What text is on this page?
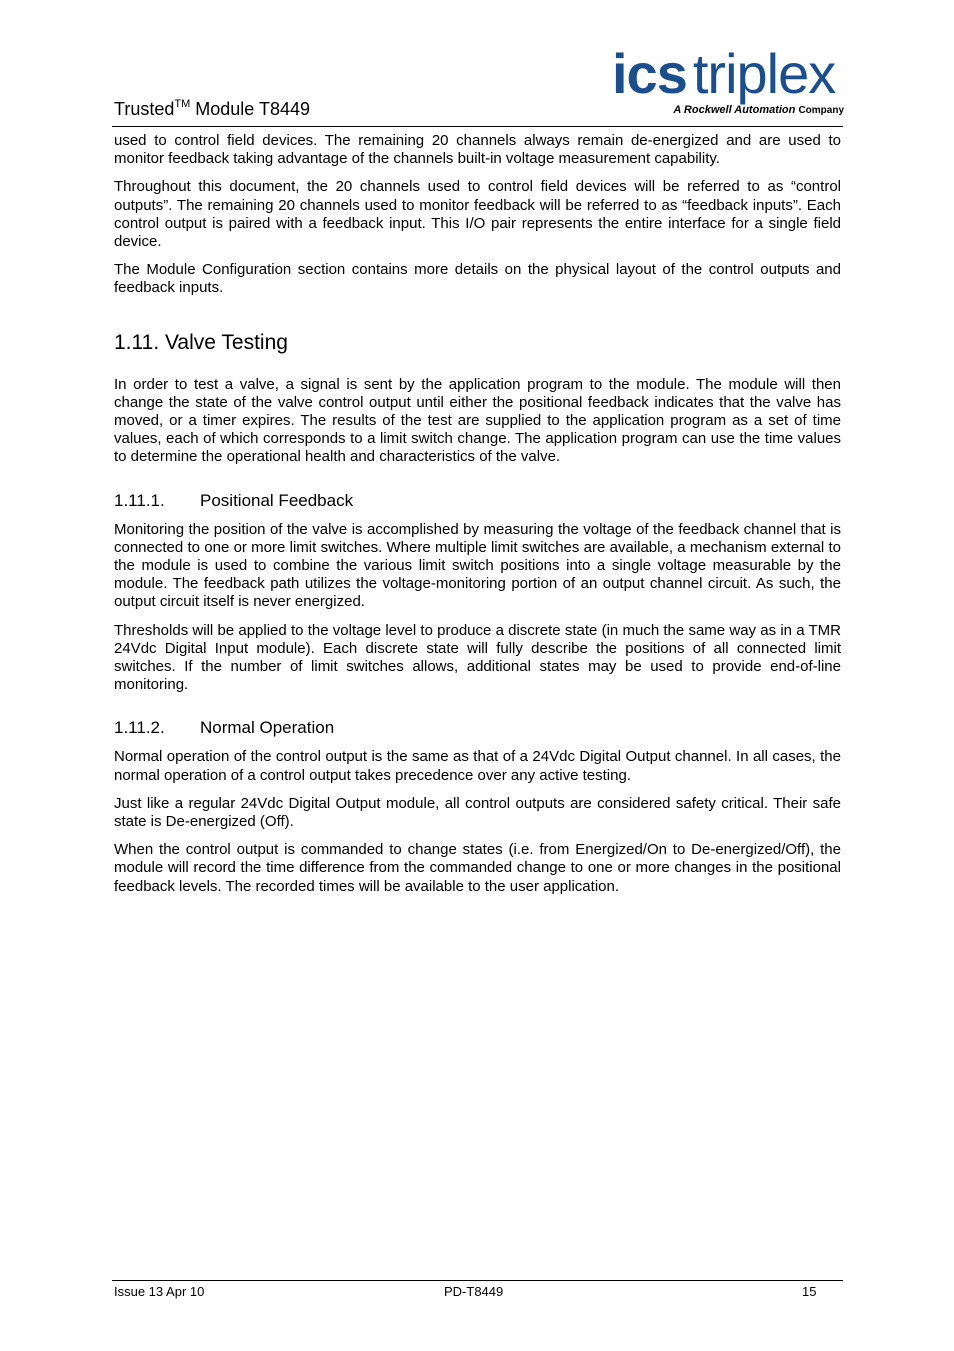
Trusted™ Module T8449
ics triplex
A Rockwell Automation Company

used to control field devices. The remaining 20 channels always remain de-energized and are used to monitor feedback taking advantage of the channels built-in voltage measurement capability.

Throughout this document, the 20 channels used to control field devices will be referred to as “control outputs”. The remaining 20 channels used to monitor feedback will be referred to as “feedback inputs”. Each control output is paired with a feedback input. This I/O pair represents the entire interface for a single field device.

The Module Configuration section contains more details on the physical layout of the control outputs and feedback inputs.

1.11. Valve Testing

In order to test a valve, a signal is sent by the application program to the module. The module will then change the state of the valve control output until either the positional feedback indicates that the valve has moved, or a timer expires. The results of the test are supplied to the application program as a set of time values, each of which corresponds to a limit switch change. The application program can use the time values to determine the operational health and characteristics of the valve.

1.11.1. Positional Feedback

Monitoring the position of the valve is accomplished by measuring the voltage of the feedback channel that is connected to one or more limit switches. Where multiple limit switches are available, a mechanism external to the module is used to combine the various limit switch positions into a single voltage measurable by the module. The feedback path utilizes the voltage-monitoring portion of an output channel circuit. As such, the output circuit itself is never energized.

Thresholds will be applied to the voltage level to produce a discrete state (in much the same way as in a TMR 24Vdc Digital Input module). Each discrete state will fully describe the positions of all connected limit switches. If the number of limit switches allows, additional states may be used to provide end-of-line monitoring.

1.11.2. Normal Operation

Normal operation of the control output is the same as that of a 24Vdc Digital Output channel. In all cases, the normal operation of a control output takes precedence over any active testing.

Just like a regular 24Vdc Digital Output module, all control outputs are considered safety critical. Their safe state is De-energized (Off).

When the control output is commanded to change states (i.e. from Energized/On to De-energized/Off), the module will record the time difference from the commanded change to one or more changes in the positional feedback levels. The recorded times will be available to the user application.

Issue 13 Apr 10	PD-T8449	15
